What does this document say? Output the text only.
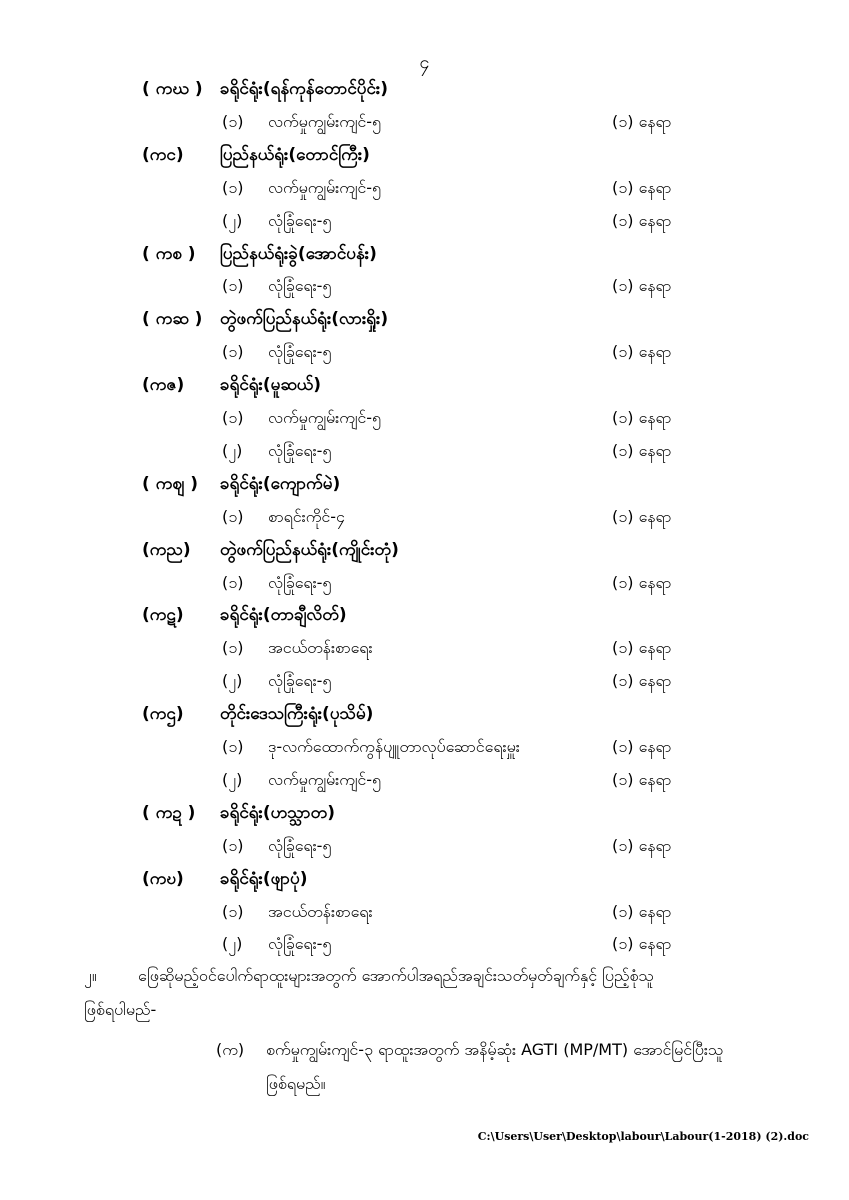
၄
( ကဃ ) ခရိုင်ရုံး(ရန်ကုန်တောင်ပိုင်း)
(၁) လက်မှုကျွမ်းကျင်-၅	(၁) နေရာ
(ကင) ပြည်နယ်ရုံး(တောင်ကြီး)
(၁) လက်မှုကျွမ်းကျင်-၅	(၁) နေရာ
(၂) လုံခြုံရေး-၅	(၁) နေရာ
( ကစ ) ပြည်နယ်ရုံးခွဲ(အောင်ပန်း)
(၁) လုံခြုံရေး-၅	(၁) နေရာ
( ကဆ ) တွဲဖက်ပြည်နယ်ရုံး(လားရှိုး)
(၁) လုံခြုံရေး-၅	(၁) နေရာ
(ကဇ) ခရိုင်ရုံး(မူဆယ်)
(၁) လက်မှုကျွမ်းကျင်-၅	(၁) နေရာ
(၂) လုံခြုံရေး-၅	(၁) နေရာ
( ကဈ ) ခရိုင်ရုံး(ကျောက်မဲ)
(၁) စာရင်းကိုင်-၄	(၁) နေရာ
(ကည) တွဲဖက်ပြည်နယ်ရုံး(ကျိုင်းတုံ)
(၁) လုံခြုံရေး-၅	(၁) နေရာ
(ကဋ) ခရိုင်ရုံး(တာချီလိတ်)
(၁) အငယ်တန်းစာရေး	(၁) နေရာ
(၂) လုံခြုံရေး-၅	(၁) နေရာ
(ကဌ) တိုင်းဒေသကြီးရုံး(ပုသိမ်)
(၁) ဒု-လက်ထောက်ကွန်ပျူတာလုပ်ဆောင်ရေးမှူး	(၁) နေရာ
(၂) လက်မှုကျွမ်းကျင်-၅	(၁) နေရာ
( ကဍ ) ခရိုင်ရုံး(ဟသ္သာတ)
(၁) လုံခြုံရေး-၅	(၁) နေရာ
(ကဎ) ခရိုင်ရုံး(ဖျာပုံ)
(၁) အငယ်တန်းစာရေး	(၁) နေရာ
(၂) လုံခြုံရေး-၅	(၁) နေရာ
၂။	ဖြေဆိုမည့်ဝင်ပေါက်ရာထူးများအတွက် အောက်ပါအရည်အချင်းသတ်မှတ်ချက်နှင့် ပြည့်စုံသူ
ဖြစ်ရပါမည်-
(က) စက်မှုကျွမ်းကျင်-၃ ရာထူးအတွက် အနိမ့်ဆုံး AGTI (MP/MT) အောင်မြင်ပြီးသူ
ဖြစ်ရမည်။
C:\Users\User\Desktop\labour\Labour(1-2018) (2).doc
